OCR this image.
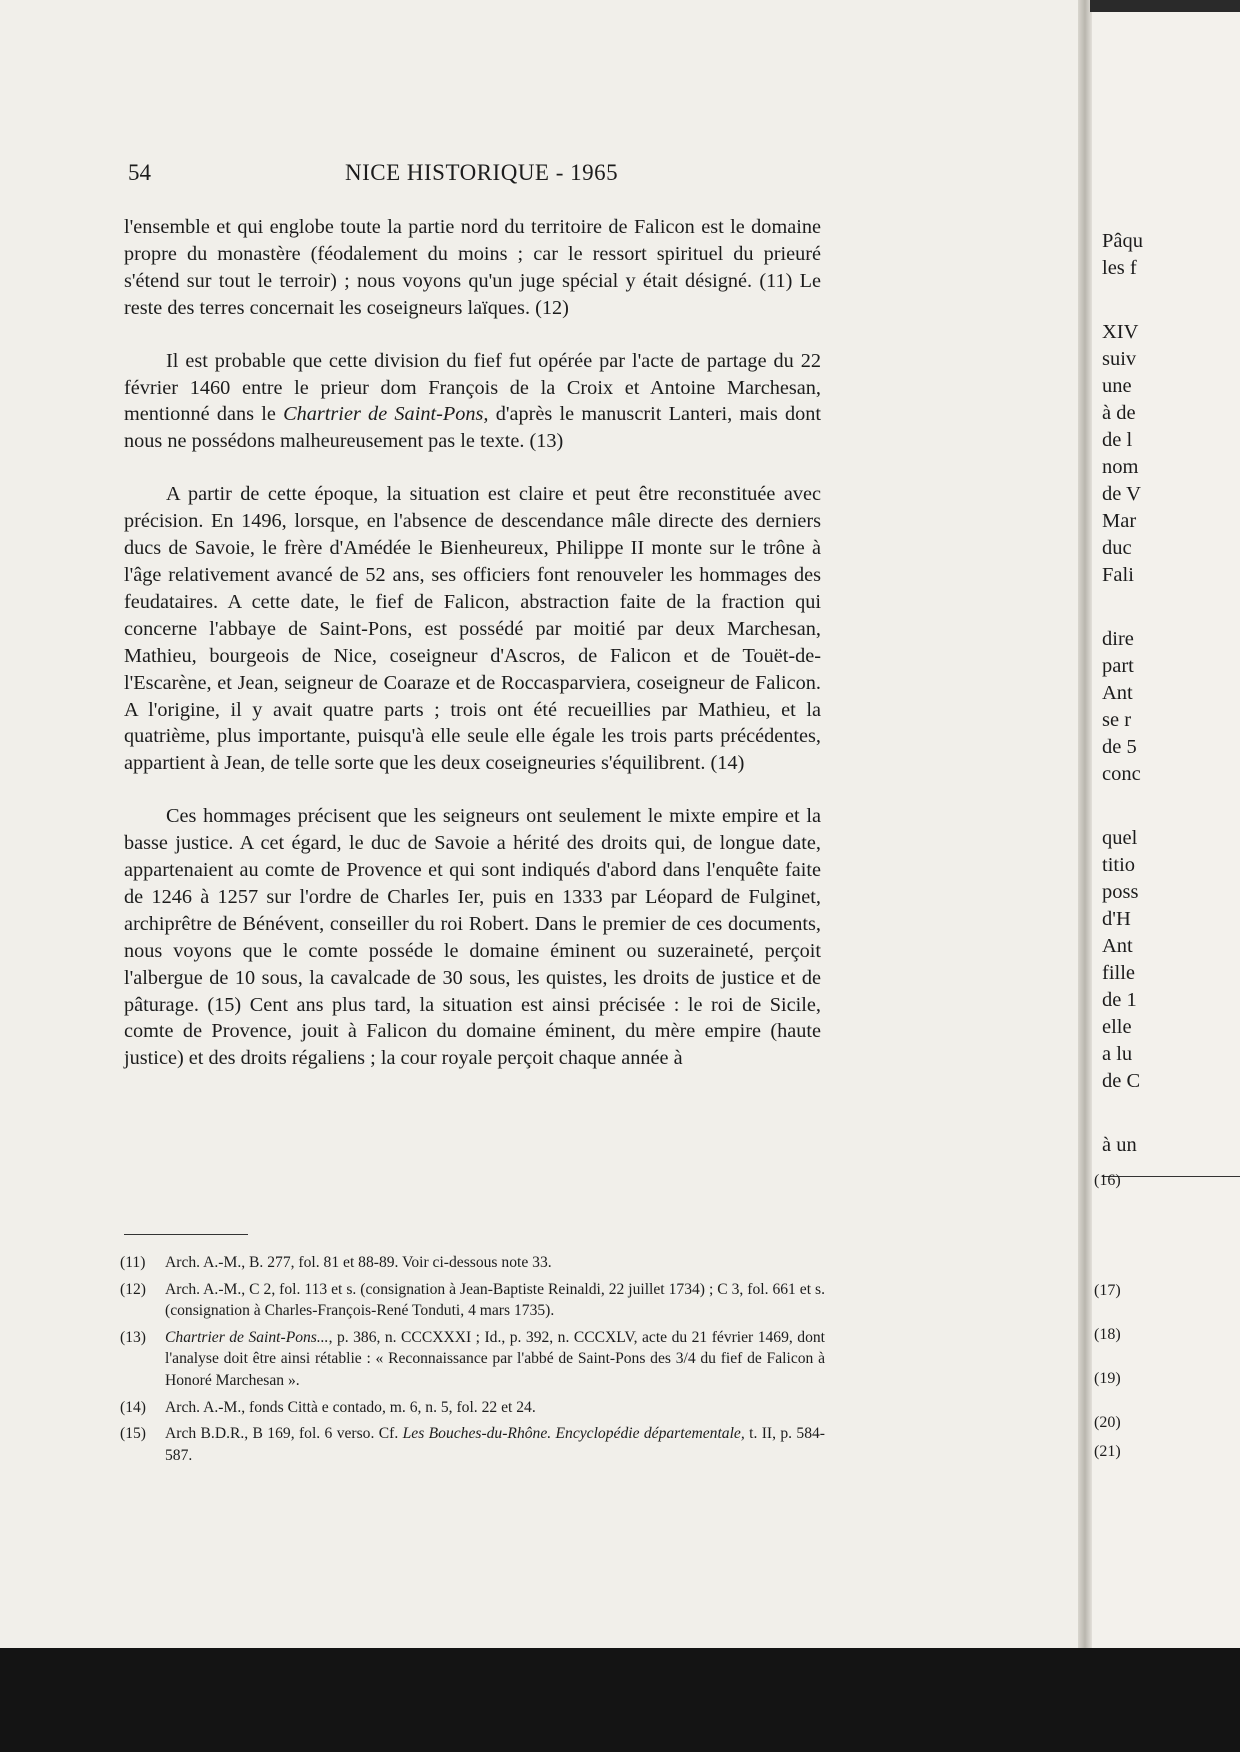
54	NICE HISTORIQUE - 1965

l'ensemble et qui englobe toute la partie nord du territoire de Falicon est le domaine propre du monastère (féodalement du moins ; car le ressort spirituel du prieuré s'étend sur tout le terroir) ; nous voyons qu'un juge spécial y était désigné. (11) Le reste des terres concernait les coseigneurs laïques. (12)

Il est probable que cette division du fief fut opérée par l'acte de partage du 22 février 1460 entre le prieur dom François de la Croix et Antoine Marchesan, mentionné dans le Chartrier de Saint-Pons, d'après le manuscrit Lanteri, mais dont nous ne possédons malheureusement pas le texte. (13)

A partir de cette époque, la situation est claire et peut être reconstituée avec précision. En 1496, lorsque, en l'absence de descendance mâle directe des derniers ducs de Savoie, le frère d'Amédée le Bienheureux, Philippe II monte sur le trône à l'âge relativement avancé de 52 ans, ses officiers font renouveler les hommages des feudataires. A cette date, le fief de Falicon, abstraction faite de la fraction qui concerne l'abbaye de Saint-Pons, est possédé par moitié par deux Marchesan, Mathieu, bourgeois de Nice, coseigneur d'Ascros, de Falicon et de Touët-de-l'Escarène, et Jean, seigneur de Coaraze et de Roccasparviera, coseigneur de Falicon. A l'origine, il y avait quatre parts ; trois ont été recueillies par Mathieu, et la quatrième, plus importante, puisqu'à elle seule elle égale les trois parts précédentes, appartient à Jean, de telle sorte que les deux coseigneuries s'équilibrent. (14)

Ces hommages précisent que les seigneurs ont seulement le mixte empire et la basse justice. A cet égard, le duc de Savoie a hérité des droits qui, de longue date, appartenaient au comte de Provence et qui sont indiqués d'abord dans l'enquête faite de 1246 à 1257 sur l'ordre de Charles Ier, puis en 1333 par Léopard de Fulginet, archiprêtre de Bénévent, conseiller du roi Robert. Dans le premier de ces documents, nous voyons que le comte posséde le domaine éminent ou suzeraineté, perçoit l'albergue de 10 sous, la cavalcade de 30 sous, les quistes, les droits de justice et de pâturage. (15) Cent ans plus tard, la situation est ainsi précisée : le roi de Sicile, comte de Provence, jouit à Falicon du domaine éminent, du mère empire (haute justice) et des droits régaliens ; la cour royale perçoit chaque année à

(11)	Arch. A.-M., B. 277, fol. 81 et 88-89. Voir ci-dessous note 33.
(12)	Arch. A.-M., C 2, fol. 113 et s. (consignation à Jean-Baptiste Reinaldi, 22 juillet 1734) ; C 3, fol. 661 et s. (consignation à Charles-François-René Tonduti, 4 mars 1735).
(13)	Chartrier de Saint-Pons..., p. 386, n. CCCXXXI ; Id., p. 392, n. CCCXLV, acte du 21 février 1469, dont l'analyse doit être ainsi rétablie : « Reconnaissance par l'abbé de Saint-Pons des 3/4 du fief de Falicon à Honoré Marchesan ».
(14)	Arch. A.-M., fonds Città e contado, m. 6, n. 5, fol. 22 et 24.
(15)	Arch B.D.R., B 169, fol. 6 verso. Cf. Les Bouches-du-Rhône. Encyclopédie départementale, t. II, p. 584-587.
Pâqu
les f
XIV
suiv
une
à de
de l
nom
de V
Mar
duc
Fali
dire
part
Ant
se r
de 5
conc
quel
titio
poss
d'H
Ant
fille
de 1
elle
a lu
de C
à un
(16)
(17)
(18)
(19)
(20)
(21)
